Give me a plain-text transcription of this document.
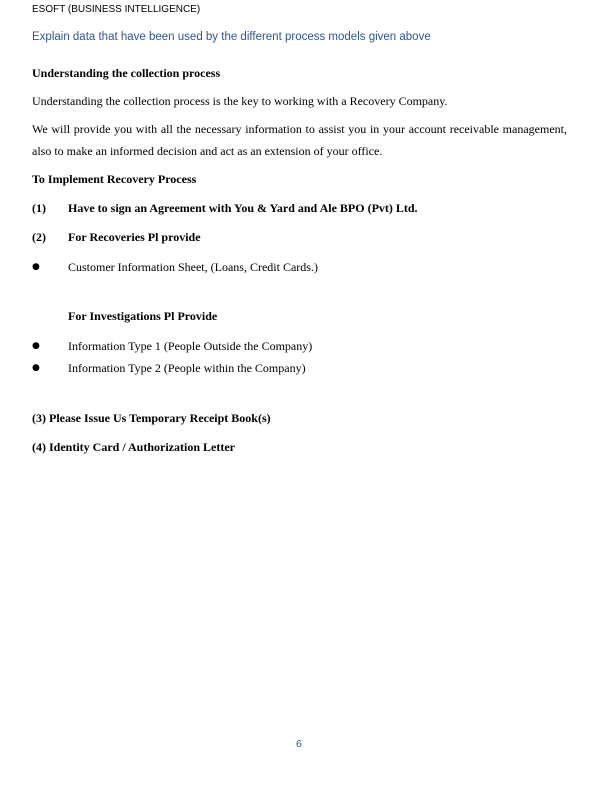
ESOFT (BUSINESS INTELLIGENCE)
Explain data that have been used by the different process models given above
Understanding the collection process
Understanding the collection process is the key to working with a Recovery Company.
We will provide you with all the necessary information to assist you in your account receivable management,
also to make an informed decision and act as an extension of your office.
To Implement Recovery Process
(1) Have to sign an Agreement with You & Yard and Ale BPO (Pvt) Ltd.
(2) For Recoveries Pl provide
● Customer Information Sheet, (Loans, Credit Cards.)
For Investigations Pl Provide
● Information Type 1 (People Outside the Company)
● Information Type 2 (People within the Company)
(3) Please Issue Us Temporary Receipt Book(s)
(4) Identity Card / Authorization Letter
6
